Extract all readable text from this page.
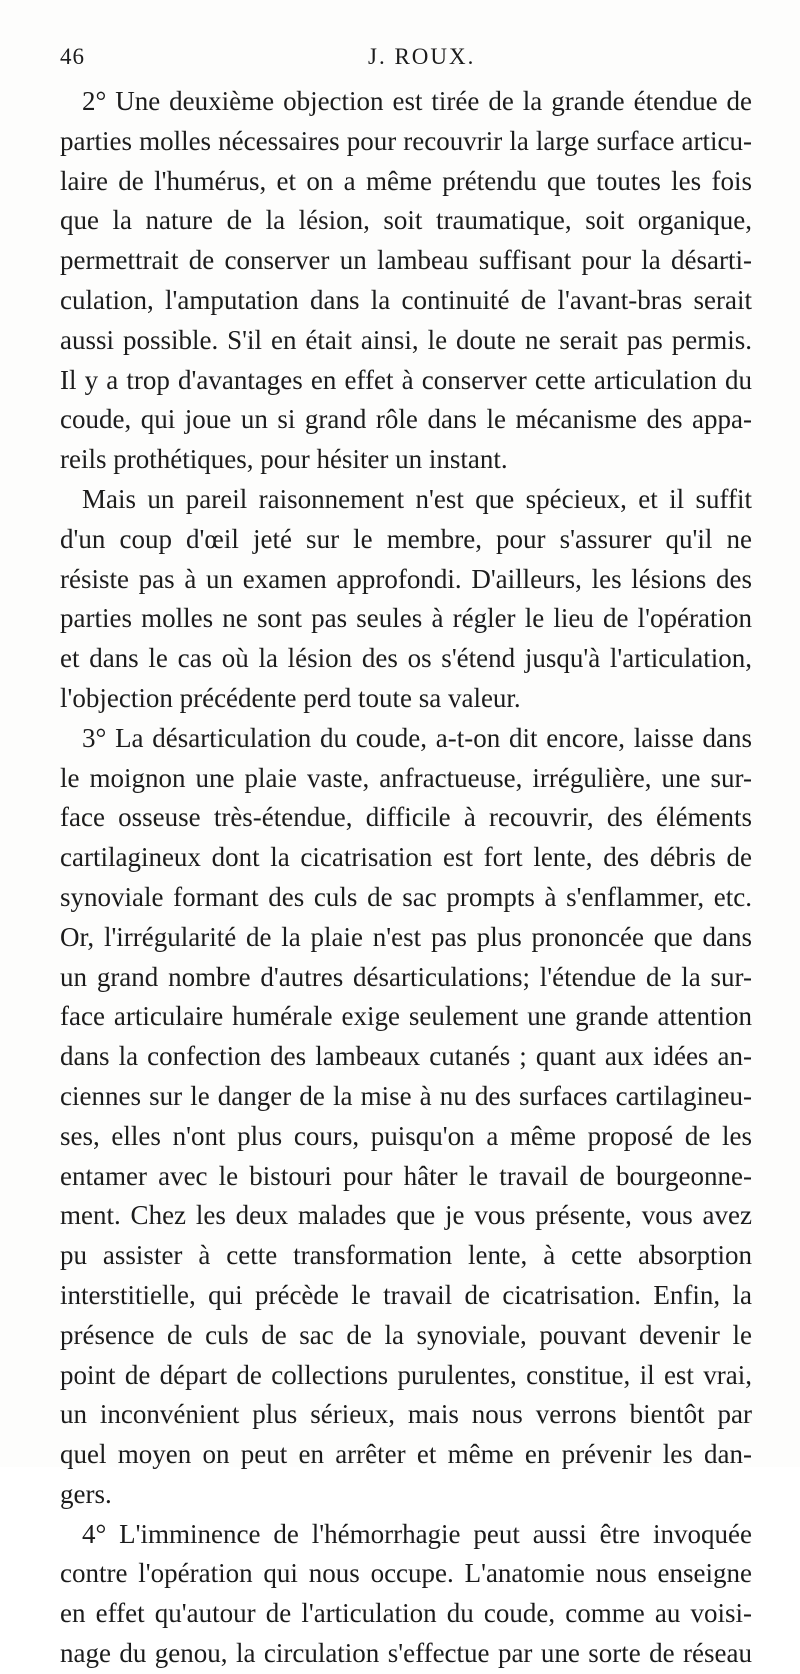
46	J. ROUX.
2° Une deuxième objection est tirée de la grande étendue de
parties molles nécessaires pour recouvrir la large surface articu-
laire de l'humérus, et on a même prétendu que toutes les fois
que la nature de la lésion, soit traumatique, soit organique,
permettrait de conserver un lambeau suffisant pour la désarti-
culation, l'amputation dans la continuité de l'avant-bras serait
aussi possible. S'il en était ainsi, le doute ne serait pas permis.
Il y a trop d'avantages en effet à conserver cette articulation du
coude, qui joue un si grand rôle dans le mécanisme des appa-
reils prothétiques, pour hésiter un instant.
Mais un pareil raisonnement n'est que spécieux, et il suffit
d'un coup d'œil jeté sur le membre, pour s'assurer qu'il ne
résiste pas à un examen approfondi. D'ailleurs, les lésions des
parties molles ne sont pas seules à régler le lieu de l'opération
et dans le cas où la lésion des os s'étend jusqu'à l'articulation,
l'objection précédente perd toute sa valeur.
3° La désarticulation du coude, a-t-on dit encore, laisse dans
le moignon une plaie vaste, anfractueuse, irrégulière, une sur-
face osseuse très-étendue, difficile à recouvrir, des éléments
cartilagineux dont la cicatrisation est fort lente, des débris de
synoviale formant des culs de sac prompts à s'enflammer, etc.
Or, l'irrégularité de la plaie n'est pas plus prononcée que dans
un grand nombre d'autres désarticulations; l'étendue de la sur-
face articulaire humérale exige seulement une grande attention
dans la confection des lambeaux cutanés ; quant aux idées an-
ciennes sur le danger de la mise à nu des surfaces cartilagineu-
ses, elles n'ont plus cours, puisqu'on a même proposé de les
entamer avec le bistouri pour hâter le travail de bourgeonne-
ment. Chez les deux malades que je vous présente, vous avez
pu assister à cette transformation lente, à cette absorption
interstitielle, qui précède le travail de cicatrisation. Enfin, la
présence de culs de sac de la synoviale, pouvant devenir le
point de départ de collections purulentes, constitue, il est vrai,
un inconvénient plus sérieux, mais nous verrons bientôt par
quel moyen on peut en arrêter et même en prévenir les dan-
gers.
4° L'imminence de l'hémorrhagie peut aussi être invoquée
contre l'opération qui nous occupe. L'anatomie nous enseigne
en effet qu'autour de l'articulation du coude, comme au voisi-
nage du genou, la circulation s'effectue par une sorte de réseau
